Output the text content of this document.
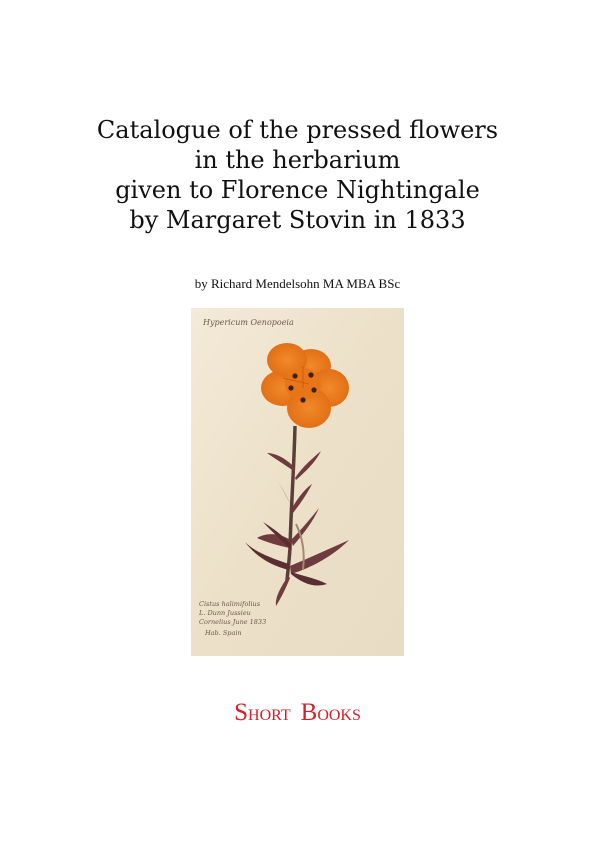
Catalogue of the pressed flowers
in the herbarium
given to Florence Nightingale
by Margaret Stovin in 1833
by Richard Mendelsohn MA MBA BSc
Hypericum Oenopoeia
Cistus halimifolius
L. Dunn Jussieu
Cornelius June 1833
Hab. Spain
SHORT BOOKS
